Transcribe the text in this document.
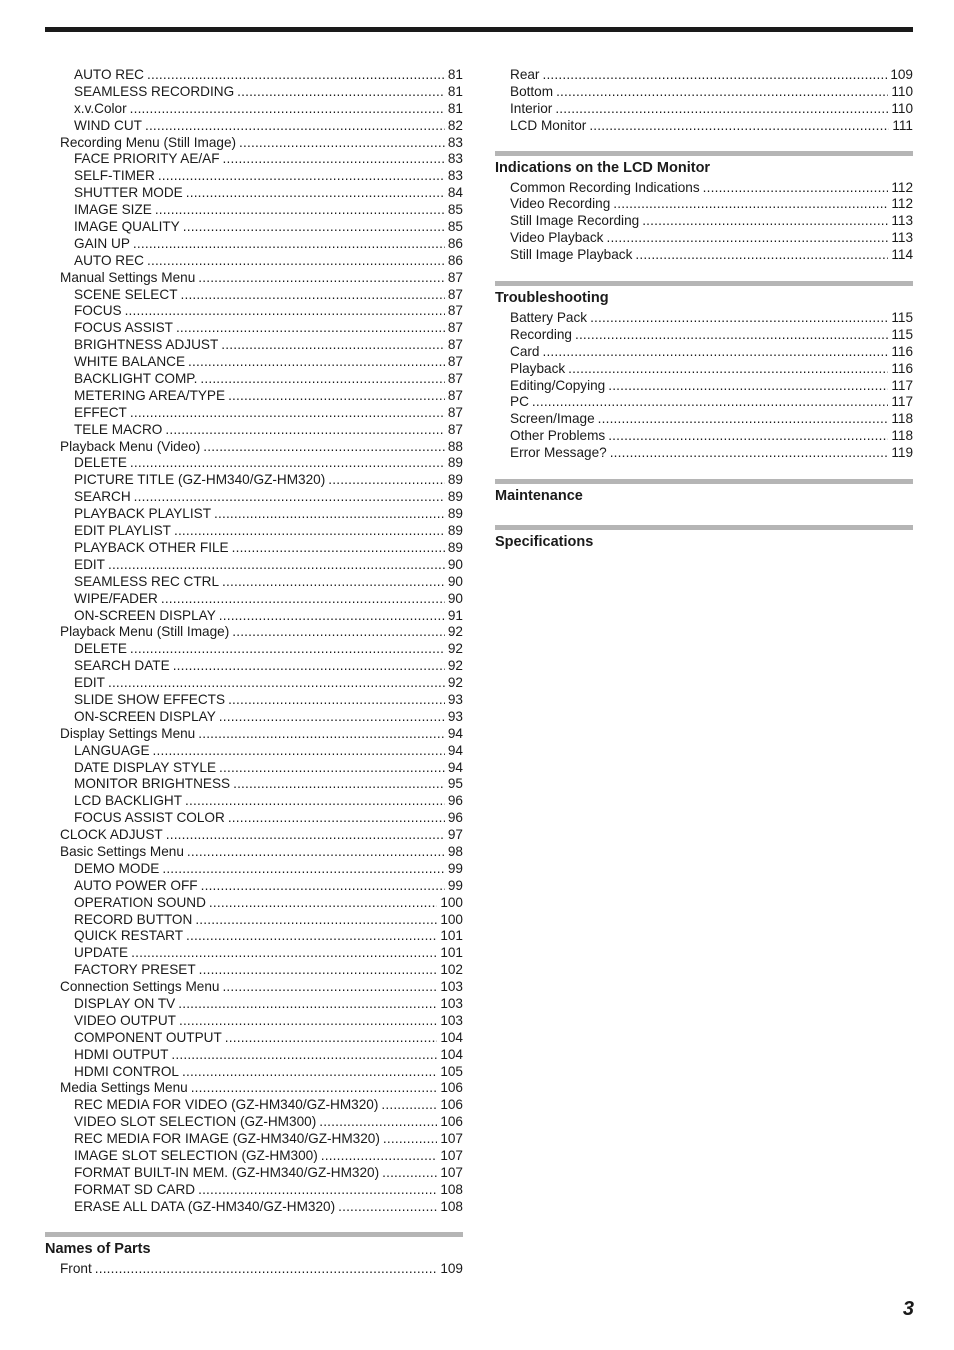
AUTO REC .....	81
SEAMLESS RECORDING .....	81
x.v.Color .....	81
WIND CUT .....	82
Recording Menu (Still Image) .....	83
FACE PRIORITY AE/AF .....	83
SELF-TIMER .....	83
SHUTTER MODE .....	84
IMAGE SIZE .....	85
IMAGE QUALITY .....	85
GAIN UP .....	86
AUTO REC .....	86
Manual Settings Menu .....	87
SCENE SELECT .....	87
FOCUS .....	87
FOCUS ASSIST .....	87
BRIGHTNESS ADJUST .....	87
WHITE BALANCE .....	87
BACKLIGHT COMP. .....	87
METERING AREA/TYPE .....	87
EFFECT .....	87
TELE MACRO .....	87
Playback Menu (Video) .....	88
DELETE .....	89
PICTURE TITLE (GZ-HM340/GZ-HM320) .....	89
SEARCH .....	89
PLAYBACK PLAYLIST .....	89
EDIT PLAYLIST .....	89
PLAYBACK OTHER FILE .....	89
EDIT .....	90
SEAMLESS REC CTRL .....	90
WIPE/FADER .....	90
ON-SCREEN DISPLAY .....	91
Playback Menu (Still Image) .....	92
DELETE .....	92
SEARCH DATE .....	92
EDIT .....	92
SLIDE SHOW EFFECTS .....	93
ON-SCREEN DISPLAY .....	93
Display Settings Menu .....	94
LANGUAGE .....	94
DATE DISPLAY STYLE .....	94
MONITOR BRIGHTNESS .....	95
LCD BACKLIGHT .....	96
FOCUS ASSIST COLOR .....	96
CLOCK ADJUST .....	97
Basic Settings Menu .....	98
DEMO MODE .....	99
AUTO POWER OFF .....	99
OPERATION SOUND .....	100
RECORD BUTTON .....	100
QUICK RESTART .....	101
UPDATE .....	101
FACTORY PRESET .....	102
Connection Settings Menu .....	103
DISPLAY ON TV .....	103
VIDEO OUTPUT .....	103
COMPONENT OUTPUT .....	104
HDMI OUTPUT .....	104
HDMI CONTROL .....	105
Media Settings Menu .....	106
REC MEDIA FOR VIDEO (GZ-HM340/GZ-HM320) .....	106
VIDEO SLOT SELECTION (GZ-HM300) .....	106
REC MEDIA FOR IMAGE (GZ-HM340/GZ-HM320) .....	107
IMAGE SLOT SELECTION (GZ-HM300) .....	107
FORMAT BUILT-IN MEM. (GZ-HM340/GZ-HM320) .....	107
FORMAT SD CARD .....	108
ERASE ALL DATA (GZ-HM340/GZ-HM320) .....	108
Names of Parts
Front .....	109
Rear .....	109
Bottom .....	110
Interior .....	110
LCD Monitor .....	111
Indications on the LCD Monitor
Common Recording Indications .....	112
Video Recording .....	112
Still Image Recording .....	113
Video Playback .....	113
Still Image Playback .....	114
Troubleshooting
Battery Pack .....	115
Recording .....	115
Card .....	116
Playback .....	116
Editing/Copying .....	117
PC .....	117
Screen/Image .....	118
Other Problems .....	118
Error Message? .....	119
Maintenance
Specifications
3
